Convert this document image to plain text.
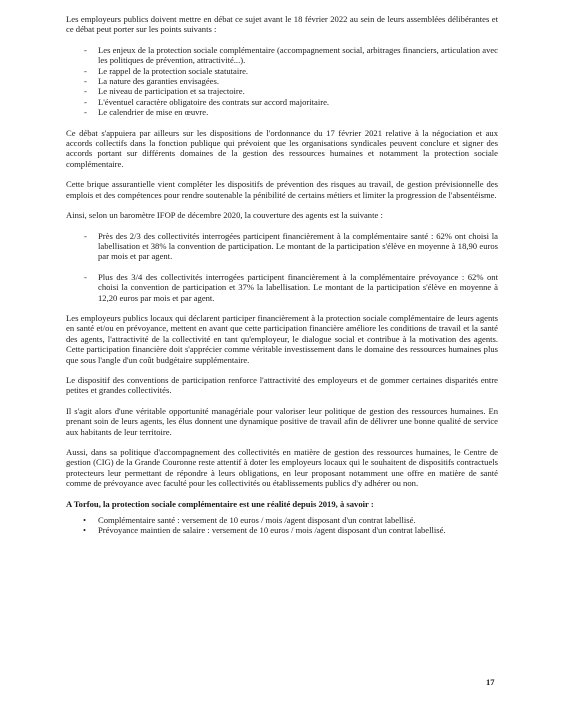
Les employeurs publics doivent mettre en débat ce sujet avant le 18 février 2022 au sein de leurs assemblées délibérantes et ce débat peut porter sur les points suivants :

- Les enjeux de la protection sociale complémentaire (accompagnement social, arbitrages financiers, articulation avec les politiques de prévention, attractivité...).
- Le rappel de la protection sociale statutaire.
- La nature des garanties envisagées.
- Le niveau de participation et sa trajectoire.
- L'éventuel caractère obligatoire des contrats sur accord majoritaire.
- Le calendrier de mise en œuvre.

Ce débat s'appuiera par ailleurs sur les dispositions de l'ordonnance du 17 février 2021 relative à la négociation et aux accords collectifs dans la fonction publique qui prévoient que les organisations syndicales peuvent conclure et signer des accords portant sur différents domaines de la gestion des ressources humaines et notamment la protection sociale complémentaire.

Cette brique assurantielle vient compléter les dispositifs de prévention des risques au travail, de gestion prévisionnelle des emplois et des compétences pour rendre soutenable la pénibilité de certains métiers et limiter la progression de l'absentéisme.

Ainsi, selon un baromètre IFOP de décembre 2020, la couverture des agents est la suivante :

- Près des 2/3 des collectivités interrogées participent financièrement à la complémentaire santé : 62% ont choisi la labellisation et 38% la convention de participation. Le montant de la participation s'élève en moyenne à 18,90 euros par mois et par agent.
- Plus des 3/4 des collectivités interrogées participent financièrement à la complémentaire prévoyance : 62% ont choisi la convention de participation et 37% la labellisation. Le montant de la participation s'élève en moyenne à 12,20 euros par mois et par agent.

Les employeurs publics locaux qui déclarent participer financièrement à la protection sociale complémentaire de leurs agents en santé et/ou en prévoyance, mettent en avant que cette participation financière améliore les conditions de travail et la santé des agents, l'attractivité de la collectivité en tant qu'employeur, le dialogue social et contribue à la motivation des agents. Cette participation financière doit s'apprécier comme véritable investissement dans le domaine des ressources humaines plus que sous l'angle d'un coût budgétaire supplémentaire.

Le dispositif des conventions de participation renforce l'attractivité des employeurs et de gommer certaines disparités entre petites et grandes collectivités.

Il s'agit alors d'une véritable opportunité managériale pour valoriser leur politique de gestion des ressources humaines. En prenant soin de leurs agents, les élus donnent une dynamique positive de travail afin de délivrer une bonne qualité de service aux habitants de leur territoire.

Aussi, dans sa politique d'accompagnement des collectivités en matière de gestion des ressources humaines, le Centre de gestion (CIG) de la Grande Couronne reste attentif à doter les employeurs locaux qui le souhaitent de dispositifs contractuels protecteurs leur permettant de répondre à leurs obligations, en leur proposant notamment une offre en matière de santé comme de prévoyance avec faculté pour les collectivités ou établissements publics d'y adhérer ou non.

A Torfou, la protection sociale complémentaire est une réalité depuis 2019, à savoir :

• Complémentaire santé : versement de 10 euros / mois /agent disposant d'un contrat labellisé.
• Prévoyance maintien de salaire : versement de 10 euros / mois /agent disposant d'un contrat labellisé.
17
